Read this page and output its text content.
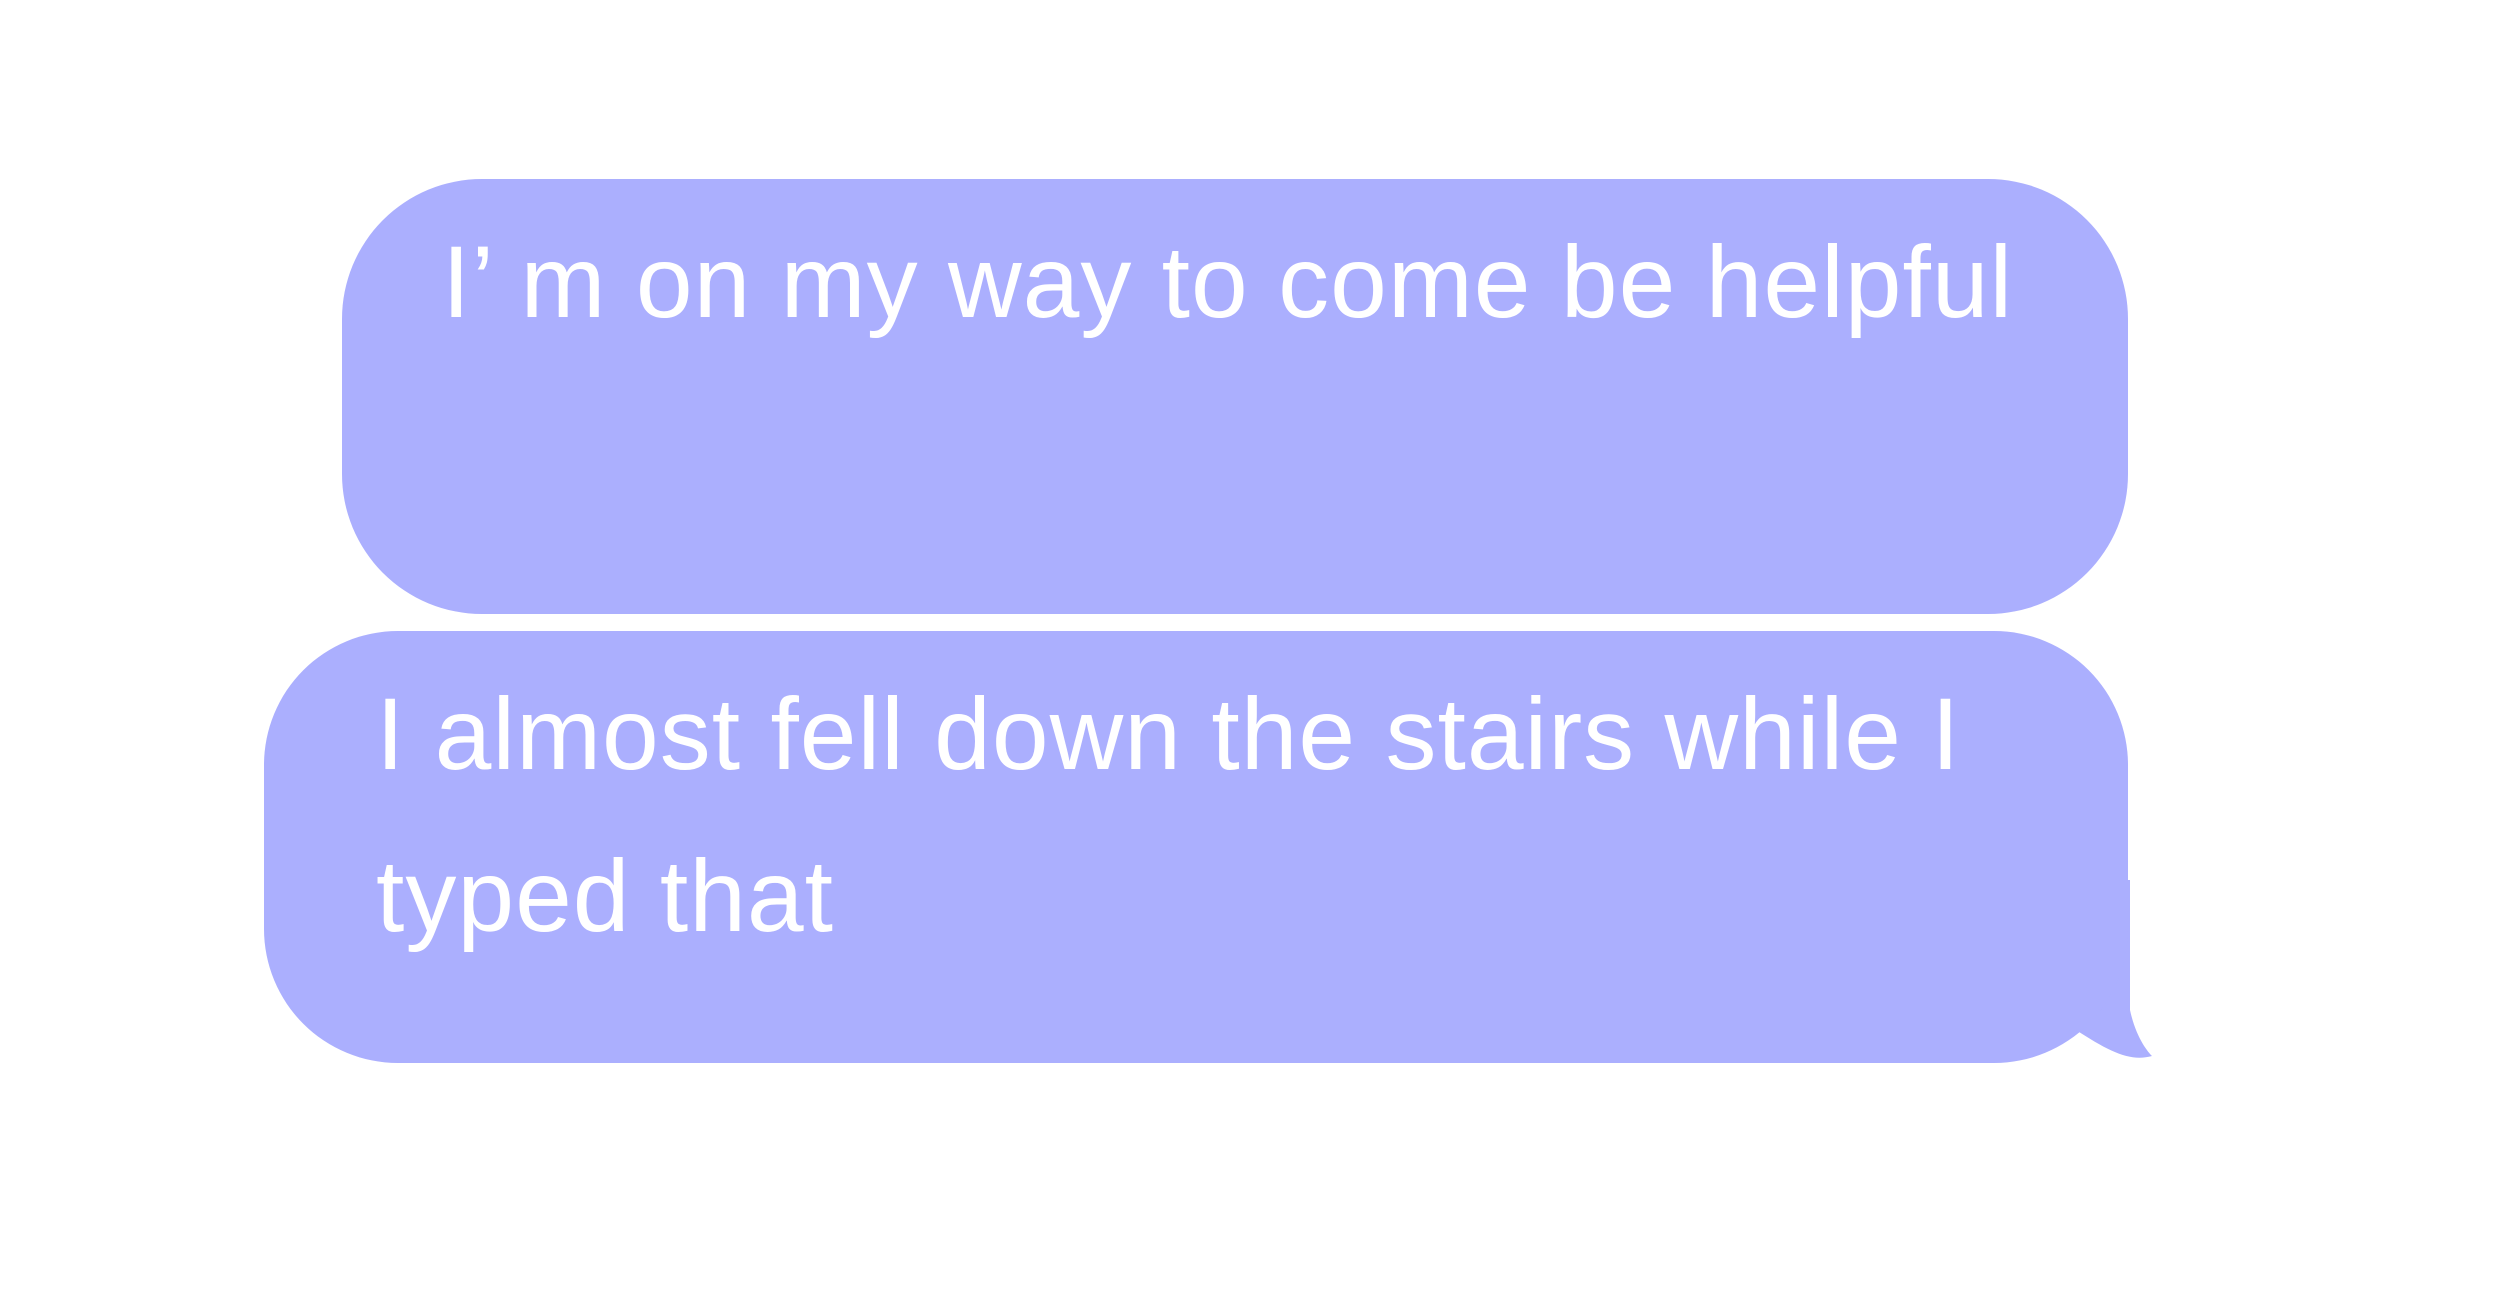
I’ m on my way to come be helpful
I almost fell down the stairs while I typed that
